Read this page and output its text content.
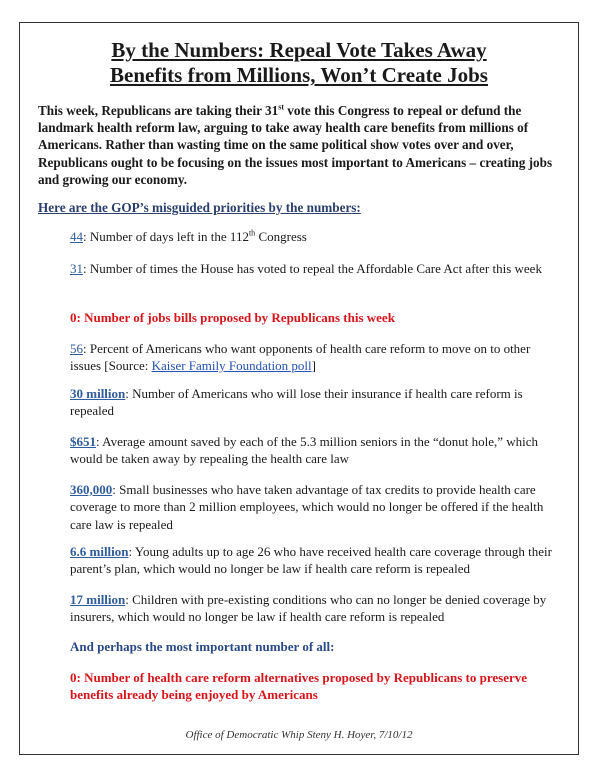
By the Numbers: Repeal Vote Takes Away
Benefits from Millions, Won’t Create Jobs
This week, Republicans are taking their 31st vote this Congress to repeal or defund the landmark health reform law, arguing to take away health care benefits from millions of Americans. Rather than wasting time on the same political show votes over and over, Republicans ought to be focusing on the issues most important to Americans – creating jobs and growing our economy.
Here are the GOP’s misguided priorities by the numbers:
44: Number of days left in the 112th Congress
31: Number of times the House has voted to repeal the Affordable Care Act after this week
0: Number of jobs bills proposed by Republicans this week
56: Percent of Americans who want opponents of health care reform to move on to other issues [Source: Kaiser Family Foundation poll]
30 million: Number of Americans who will lose their insurance if health care reform is repealed
$651: Average amount saved by each of the 5.3 million seniors in the “donut hole,” which would be taken away by repealing the health care law
360,000: Small businesses who have taken advantage of tax credits to provide health care coverage to more than 2 million employees, which would no longer be offered if the health care law is repealed
6.6 million: Young adults up to age 26 who have received health care coverage through their parent’s plan, which would no longer be law if health care reform is repealed
17 million: Children with pre-existing conditions who can no longer be denied coverage by insurers, which would no longer be law if health care reform is repealed
And perhaps the most important number of all:
0: Number of health care reform alternatives proposed by Republicans to preserve benefits already being enjoyed by Americans
Office of Democratic Whip Steny H. Hoyer, 7/10/12
